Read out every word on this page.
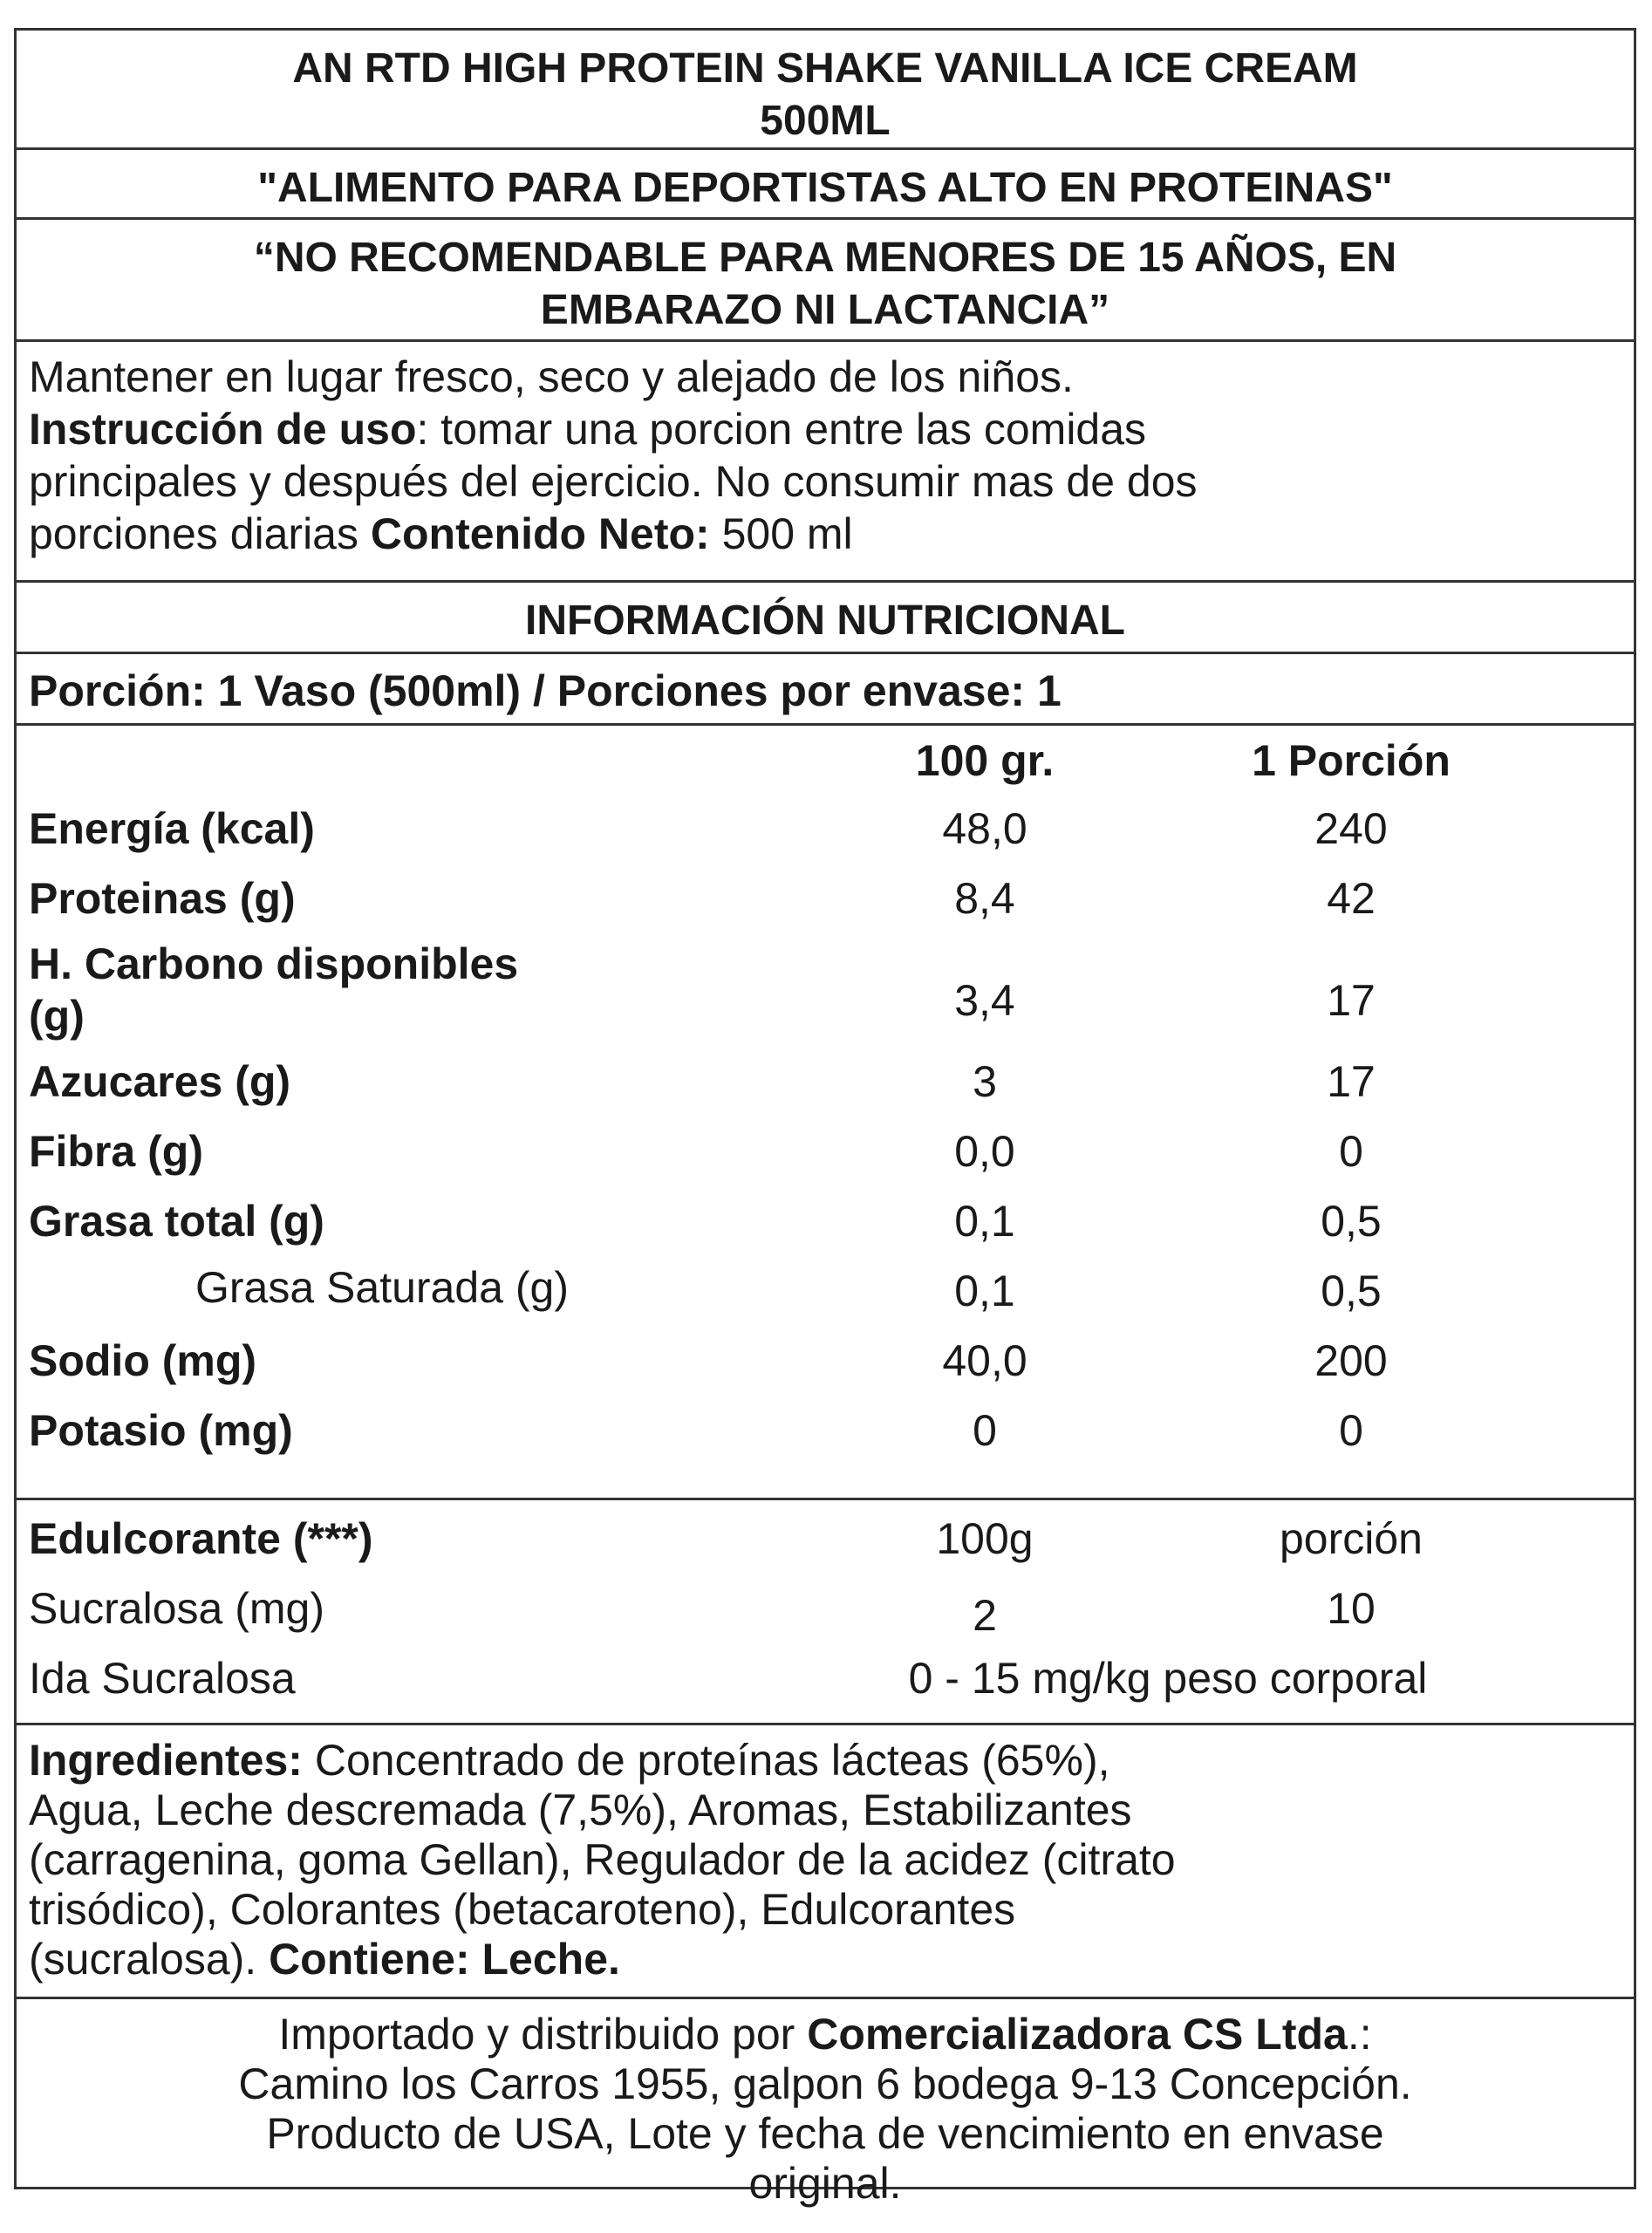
AN RTD HIGH PROTEIN SHAKE VANILLA ICE CREAM
500ML
"ALIMENTO PARA DEPORTISTAS ALTO EN PROTEINAS"
“NO RECOMENDABLE PARA MENORES DE 15 AÑOS, EN
EMBARAZO NI LACTANCIA”
Mantener en lugar fresco, seco y alejado de los niños.
Instrucción de uso: tomar una porcion entre las comidas
principales y después del ejercicio. No consumir mas de dos
porciones diarias Contenido Neto: 500 ml
INFORMACIÓN NUTRICIONAL
Porción: 1 Vaso (500ml) / Porciones por envase: 1
100 gr.	1 Porción
Energía (kcal)	48,0	240
Proteinas (g)	8,4	42
H. Carbono disponibles
(g)	3,4	17
Azucares (g)	3	17
Fibra (g)	0,0	0
Grasa total (g)	0,1	0,5
Grasa Saturada (g)	0,1	0,5
Sodio (mg)	40,0	200
Potasio (mg)	0	0
Edulcorante (***)	100g	porción
Sucralosa (mg)	2	10
Ida Sucralosa	0 - 15 mg/kg peso corporal
Ingredientes: Concentrado de proteínas lácteas (65%),
Agua, Leche descremada (7,5%), Aromas, Estabilizantes
(carragenina, goma Gellan), Regulador de la acidez (citrato
trisódico), Colorantes (betacaroteno), Edulcorantes
(sucralosa). Contiene: Leche.
Importado y distribuido por Comercializadora CS Ltda.:
Camino los Carros 1955, galpon 6 bodega 9-13 Concepción.
Producto de USA, Lote y fecha de vencimiento en envase
original.
